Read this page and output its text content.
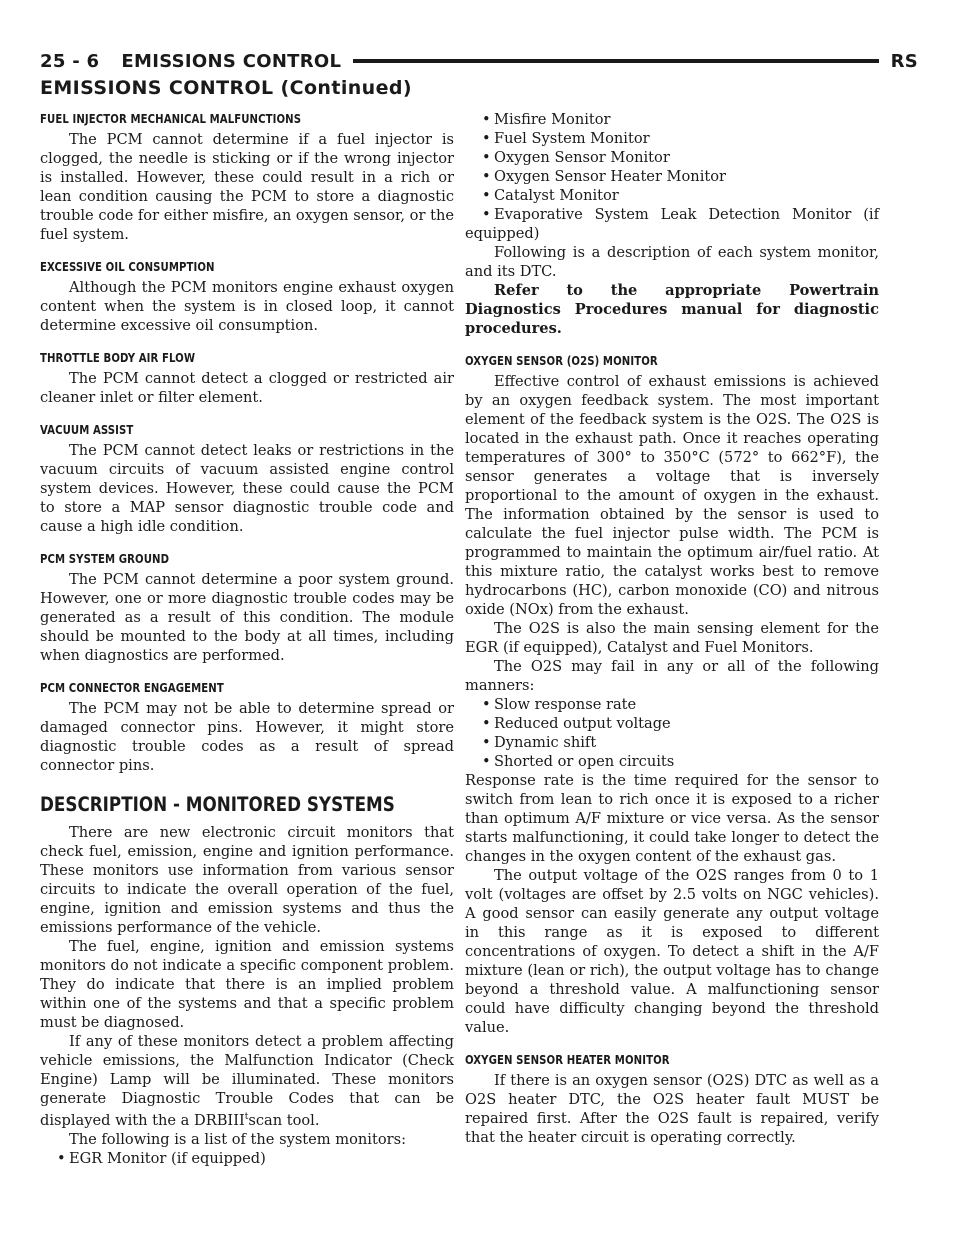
25 - 6 EMISSIONS CONTROL	RS
EMISSIONS CONTROL (Continued)
FUEL INJECTOR MECHANICAL MALFUNCTIONS

The PCM cannot determine if a fuel injector is clogged, the needle is sticking or if the wrong injector is installed. However, these could result in a rich or lean condition causing the PCM to store a diagnostic trouble code for either misfire, an oxygen sensor, or the fuel system.

EXCESSIVE OIL CONSUMPTION

Although the PCM monitors engine exhaust oxygen content when the system is in closed loop, it cannot determine excessive oil consumption.

THROTTLE BODY AIR FLOW

The PCM cannot detect a clogged or restricted air cleaner inlet or filter element.

VACUUM ASSIST

The PCM cannot detect leaks or restrictions in the vacuum circuits of vacuum assisted engine control system devices. However, these could cause the PCM to store a MAP sensor diagnostic trouble code and cause a high idle condition.

PCM SYSTEM GROUND

The PCM cannot determine a poor system ground. However, one or more diagnostic trouble codes may be generated as a result of this condition. The module should be mounted to the body at all times, including when diagnostics are performed.

PCM CONNECTOR ENGAGEMENT

The PCM may not be able to determine spread or damaged connector pins. However, it might store diagnostic trouble codes as a result of spread connector pins.

DESCRIPTION - MONITORED SYSTEMS

There are new electronic circuit monitors that check fuel, emission, engine and ignition performance. These monitors use information from various sensor circuits to indicate the overall operation of the fuel, engine, ignition and emission systems and thus the emissions performance of the vehicle.

The fuel, engine, ignition and emission systems monitors do not indicate a specific component problem. They do indicate that there is an implied problem within one of the systems and that a specific problem must be diagnosed.

If any of these monitors detect a problem affecting vehicle emissions, the Malfunction Indicator (Check Engine) Lamp will be illuminated. These monitors generate Diagnostic Trouble Codes that can be displayed with the a DRBIII$^t$scan tool.

The following is a list of the system monitors:

• EGR Monitor (if equipped)
• Misfire Monitor
• Fuel System Monitor
• Oxygen Sensor Monitor
• Oxygen Sensor Heater Monitor
• Catalyst Monitor
• Evaporative System Leak Detection Monitor (if equipped)

Following is a description of each system monitor, and its DTC.

Refer to the appropriate Powertrain Diagnostics Procedures manual for diagnostic procedures.

OXYGEN SENSOR (O2S) MONITOR

Effective control of exhaust emissions is achieved by an oxygen feedback system. The most important element of the feedback system is the O2S. The O2S is located in the exhaust path. Once it reaches operating temperatures of 300° to 350°C (572° to 662°F), the sensor generates a voltage that is inversely proportional to the amount of oxygen in the exhaust. The information obtained by the sensor is used to calculate the fuel injector pulse width. The PCM is programmed to maintain the optimum air/fuel ratio. At this mixture ratio, the catalyst works best to remove hydrocarbons (HC), carbon monoxide (CO) and nitrous oxide (NOx) from the exhaust.

The O2S is also the main sensing element for the EGR (if equipped), Catalyst and Fuel Monitors.

The O2S may fail in any or all of the following manners:

• Slow response rate
• Reduced output voltage
• Dynamic shift
• Shorted or open circuits

Response rate is the time required for the sensor to switch from lean to rich once it is exposed to a richer than optimum A/F mixture or vice versa. As the sensor starts malfunctioning, it could take longer to detect the changes in the oxygen content of the exhaust gas.

The output voltage of the O2S ranges from 0 to 1 volt (voltages are offset by 2.5 volts on NGC vehicles). A good sensor can easily generate any output voltage in this range as it is exposed to different concentrations of oxygen. To detect a shift in the A/F mixture (lean or rich), the output voltage has to change beyond a threshold value. A malfunctioning sensor could have difficulty changing beyond the threshold value.

OXYGEN SENSOR HEATER MONITOR

If there is an oxygen sensor (O2S) DTC as well as a O2S heater DTC, the O2S heater fault MUST be repaired first. After the O2S fault is repaired, verify that the heater circuit is operating correctly.
